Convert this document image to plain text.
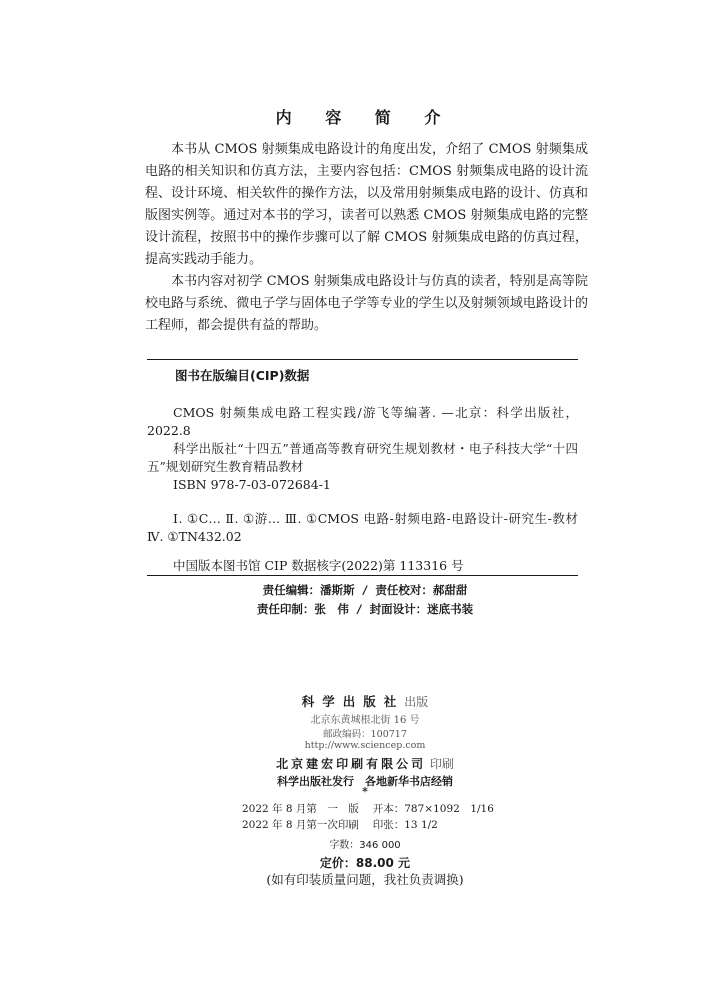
内 容 简 介

本书从 CMOS 射频集成电路设计的角度出发，介绍了 CMOS 射频集成电路的相关知识和仿真方法，主要内容包括：CMOS 射频集成电路的设计流程、设计环境、相关软件的操作方法，以及常用射频集成电路的设计、仿真和版图实例等。通过对本书的学习，读者可以熟悉 CMOS 射频集成电路的完整设计流程，按照书中的操作步骤可以了解 CMOS 射频集成电路的仿真过程，提高实践动手能力。

本书内容对初学 CMOS 射频集成电路设计与仿真的读者，特别是高等院校电路与系统、微电子学与固体电子学等专业的学生以及射频领域电路设计的工程师，都会提供有益的帮助。

图书在版编目(CIP)数据

CMOS 射频集成电路工程实践/游飞等编著. —北京：科学出版社，2022.8

科学出版社“十四五”普通高等教育研究生规划教材・电子科技大学“十四五”规划研究生教育精品教材

ISBN 978-7-03-072684-1

Ⅰ. ①C… Ⅱ. ①游… Ⅲ. ①CMOS 电路-射频电路-电路设计-研究生-教材 Ⅳ. ①TN432.02

中国版本图书馆 CIP 数据核字(2022)第 113316 号
责任编辑：潘斯斯 / 责任校对：郝甜甜
责任印制：张　伟 / 封面设计：迷底书装
科学出版社出版
北京东黄城根北街 16 号
邮政编码：100717
http://www.sciencep.com
北京建宏印刷有限公司 印刷
科学出版社发行　各地新华书店经销
*
2022 年 8 月第　一　版　 开本：787×1092　1/16
2022 年 8 月第一次印刷　 印张：13 1/2
字数：346 000
定价：88.00 元
(如有印装质量问题，我社负责调换)
